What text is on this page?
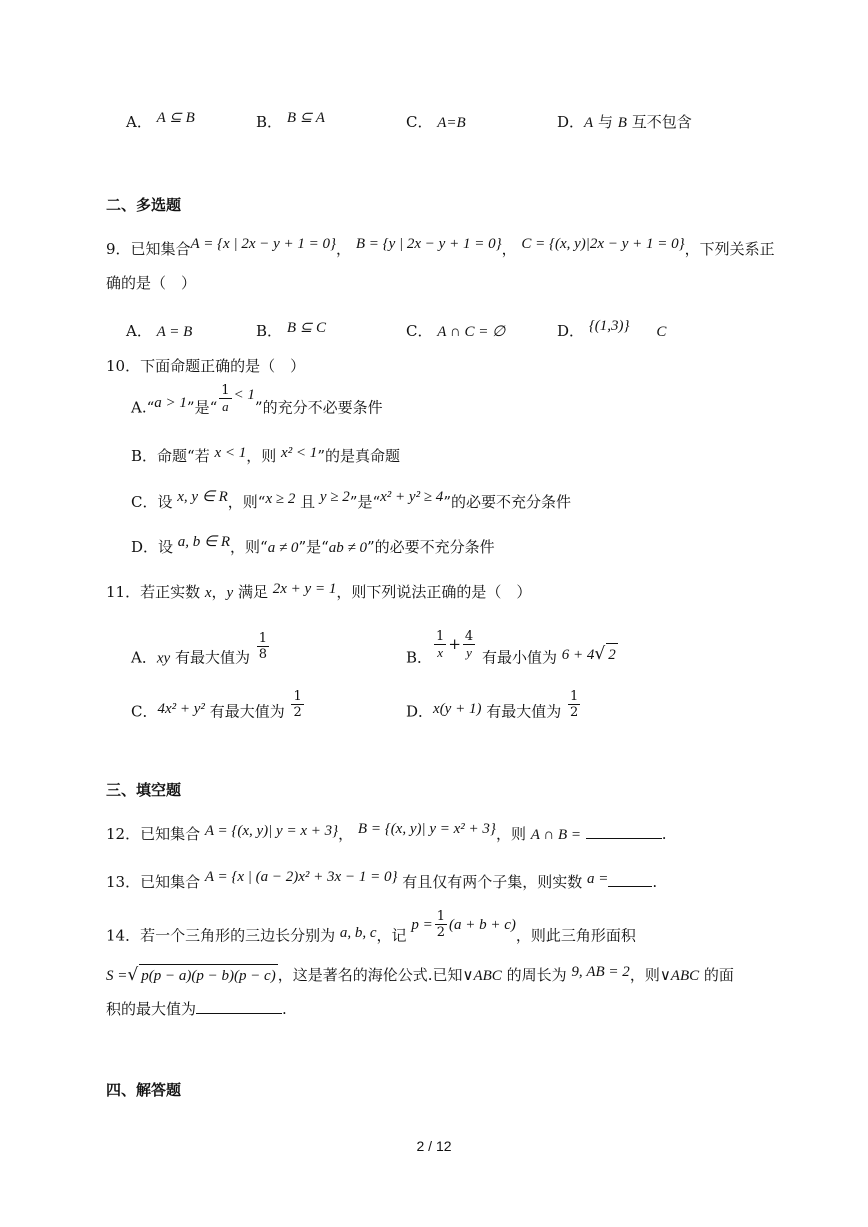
A． A ⊆ B	B． B ⊆ A	C． A=B	D．A 与 B 互不包含
二、多选题
9．已知集合A = {x | 2x − y + 1 = 0}， B = {y | 2x − y + 1 = 0}， C = {(x, y)|2x − y + 1 = 0}，下列关系正
确的是（　）
A． A = B	B． B ⊆ C	C． A ∩ C = ∅	D． {(1,3)} C
10．下面命题正确的是（　）
A.“a > 1”是“ $\frac{1}{a} < 1$”的充分不必要条件
B．命题“若 x < 1，则 x² < 1”的是真命题
C．设 x, y ∈ R，则“x ≥ 2 且 y ≥ 2”是“x² + y² ≥ 4”的必要不充分条件
D．设 a, b ∈ R，则“a ≠ 0”是“ab ≠ 0”的必要不充分条件
11．若正实数 x，y 满足 2x + y = 1，则下列说法正确的是（　）
A．xy 有最大值为 $\frac{1}{8}$	B． $\frac{1}{x} + \frac{4}{y}$ 有最小值为 6 + 4√ 2
C．4x² + y² 有最大值为 $\frac{1}{2}$	D．x(y + 1) 有最大值为 $\frac{1}{2}$
三、填空题
12．已知集合 A = {(x, y)| y = x + 3}， B = {(x, y)| y = x² + 3}，则 A ∩ B =	.
13．已知集合 A = {x | (a − 2)x² + 3x − 1 = 0} 有且仅有两个子集，则实数 a =	.
14．若一个三角形的三边长分别为 a, b, c，记 $p = \frac{1}{2} (a + b + c)$，则此三角形面积
S =√ p(p − a)(p − b)(p − c) ，这是著名的海伦公式.已知∨ABC 的周长为 9, AB = 2，则∨ABC 的面
积的最大值为	.
四、解答题
2 / 12
